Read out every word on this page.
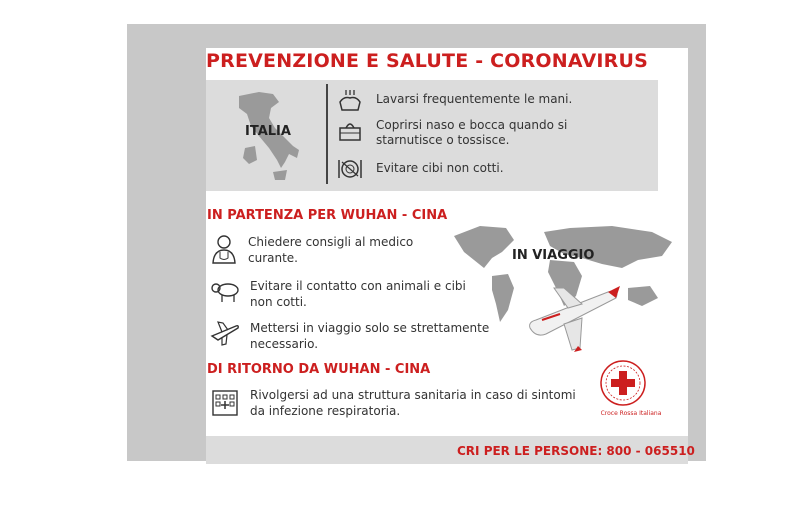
PREVENZIONE E SALUTE - CORONAVIRUS
ITALIA
Lavarsi frequentemente le mani.
Coprirsi naso e bocca quando si starnutisce o tossisce.
Evitare cibi non cotti.
IN PARTENZA PER WUHAN - CINA
Chiedere consigli al medico curante.
Evitare il contatto con animali e cibi non cotti.
Mettersi in viaggio solo se strettamente necessario.
IN VIAGGIO
DI RITORNO DA WUHAN - CINA
Rivolgersi ad una struttura sanitaria in caso di sintomi da infezione respiratoria.	Croce Rossa Italiana
CRI PER LE PERSONE: 800 - 065510
